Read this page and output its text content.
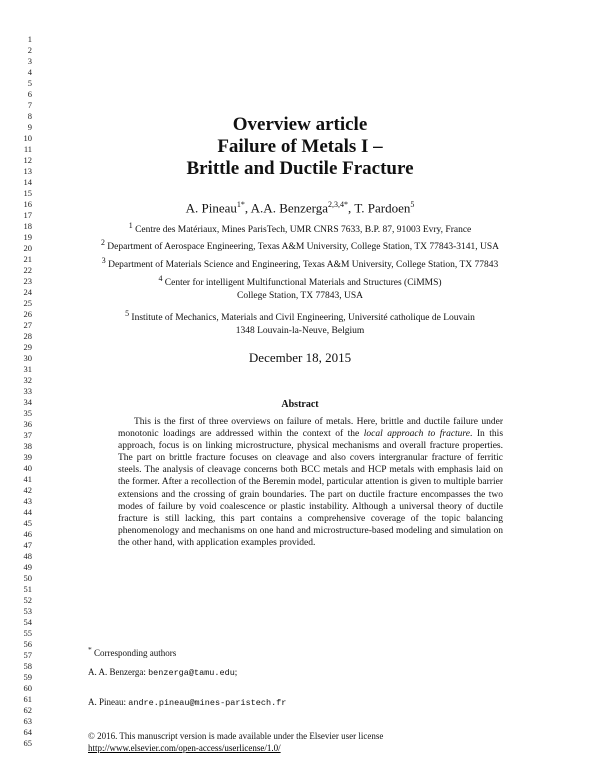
1
2
3
4
5
6
7
8
9
10
11
12
13
14
15
16
17
18
19
20
21
22
23
24
25
26
27
28
29
30
31
32
33
34
35
36
37
38
39
40
41
42
43
44
45
46
47
48
49
50
51
52
53
54
55
56
57
58
59
60
61
62
63
64
65
Overview article
Failure of Metals I –
Brittle and Ductile Fracture
A. Pineau$^{1*}$, A.A. Benzerga$^{2,3,4*}$, T. Pardoen$^5$
$^1$ Centre des Matériaux, Mines ParisTech, UMR CNRS 7633, B.P. 87, 91003 Evry, France
$^2$ Department of Aerospace Engineering, Texas A&M University, College Station, TX 77843-3141, USA
$^3$ Department of Materials Science and Engineering, Texas A&M University, College Station, TX 77843
$^4$ Center for intelligent Multifunctional Materials and Structures (CiMMS)
College Station, TX 77843, USA
$^5$ Institute of Mechanics, Materials and Civil Engineering, Université catholique de Louvain
1348 Louvain-la-Neuve, Belgium
December 18, 2015
Abstract
This is the first of three overviews on failure of metals. Here, brittle and ductile failure under monotonic loadings are addressed within the context of the local approach to fracture. In this approach, focus is on linking microstructure, physical mechanisms and overall fracture properties. The part on brittle fracture focuses on cleavage and also covers intergranular fracture of ferritic steels. The analysis of cleavage concerns both BCC metals and HCP metals with emphasis laid on the former. After a recollection of the Beremin model, particular attention is given to multiple barrier extensions and the crossing of grain boundaries. The part on ductile fracture encompasses the two modes of failure by void coalescence or plastic instability. Although a universal theory of ductile fracture is still lacking, this part contains a comprehensive coverage of the topic balancing phenomenology and mechanisms on one hand and microstructure-based modeling and simulation on the other hand, with application examples provided.
* Corresponding authors
A. A. Benzerga: benzerga@tamu.edu;
A. Pineau: andre.pineau@mines-paristech.fr
© 2016. This manuscript version is made available under the Elsevier user license
http://www.elsevier.com/open-access/userlicense/1.0/
